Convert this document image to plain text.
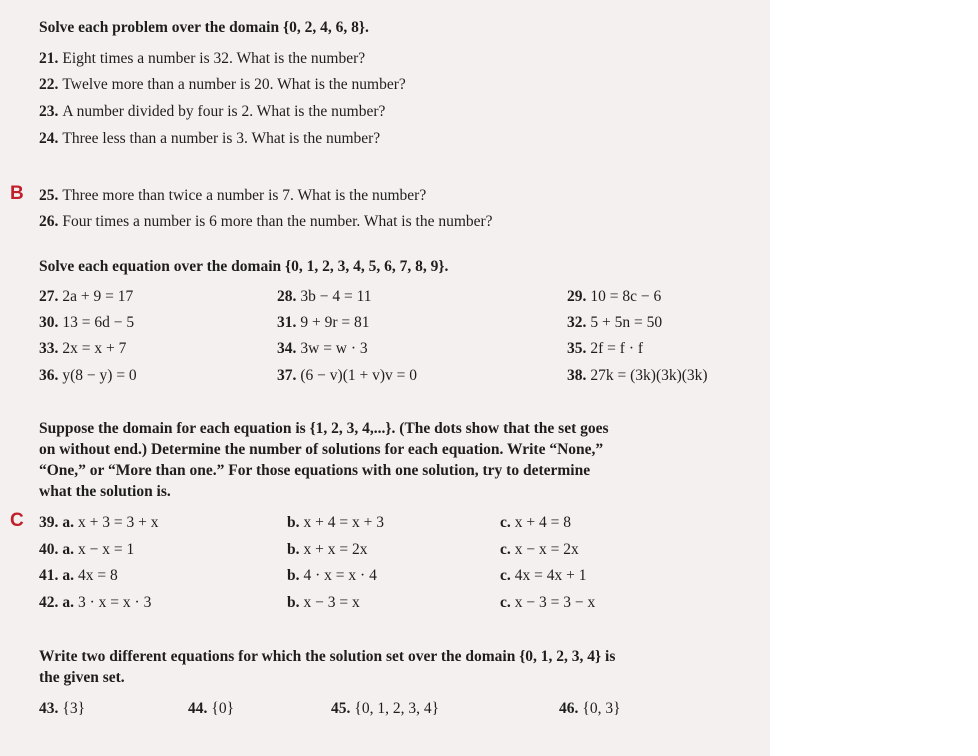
Solve each problem over the domain {0, 2, 4, 6, 8}.
21. Eight times a number is 32. What is the number?
22. Twelve more than a number is 20. What is the number?
23. A number divided by four is 2. What is the number?
24. Three less than a number is 3. What is the number?
B 25. Three more than twice a number is 7. What is the number?
26. Four times a number is 6 more than the number. What is the number?
Solve each equation over the domain {0, 1, 2, 3, 4, 5, 6, 7, 8, 9}.
27. 2a + 9 = 17	28. 3b − 4 = 11	29. 10 = 8c − 6
30. 13 = 6d − 5	31. 9 + 9r = 81	32. 5 + 5n = 50
33. 2x = x + 7	34. 3w = w · 3	35. 2f = f · f
36. y(8 − y) = 0	37. (6 − v)(1 + v)v = 0	38. 27k = (3k)(3k)(3k)
Suppose the domain for each equation is {1, 2, 3, 4,...}. (The dots show that the set goes on without end.) Determine the number of solutions for each equation. Write “None,” “One,” or “More than one.” For those equations with one solution, try to determine what the solution is.
C 39. a. x + 3 = 3 + x	b. x + 4 = x + 3	c. x + 4 = 8
40. a. x − x = 1	b. x + x = 2x	c. x − x = 2x
41. a. 4x = 8	b. 4 · x = x · 4	c. 4x = 4x + 1
42. a. 3 · x = x · 3	b. x − 3 = x	c. x − 3 = 3 − x
Write two different equations for which the solution set over the domain {0, 1, 2, 3, 4} is the given set.
43. {3}	44. {0}	45. {0, 1, 2, 3, 4}	46. {0, 3}
